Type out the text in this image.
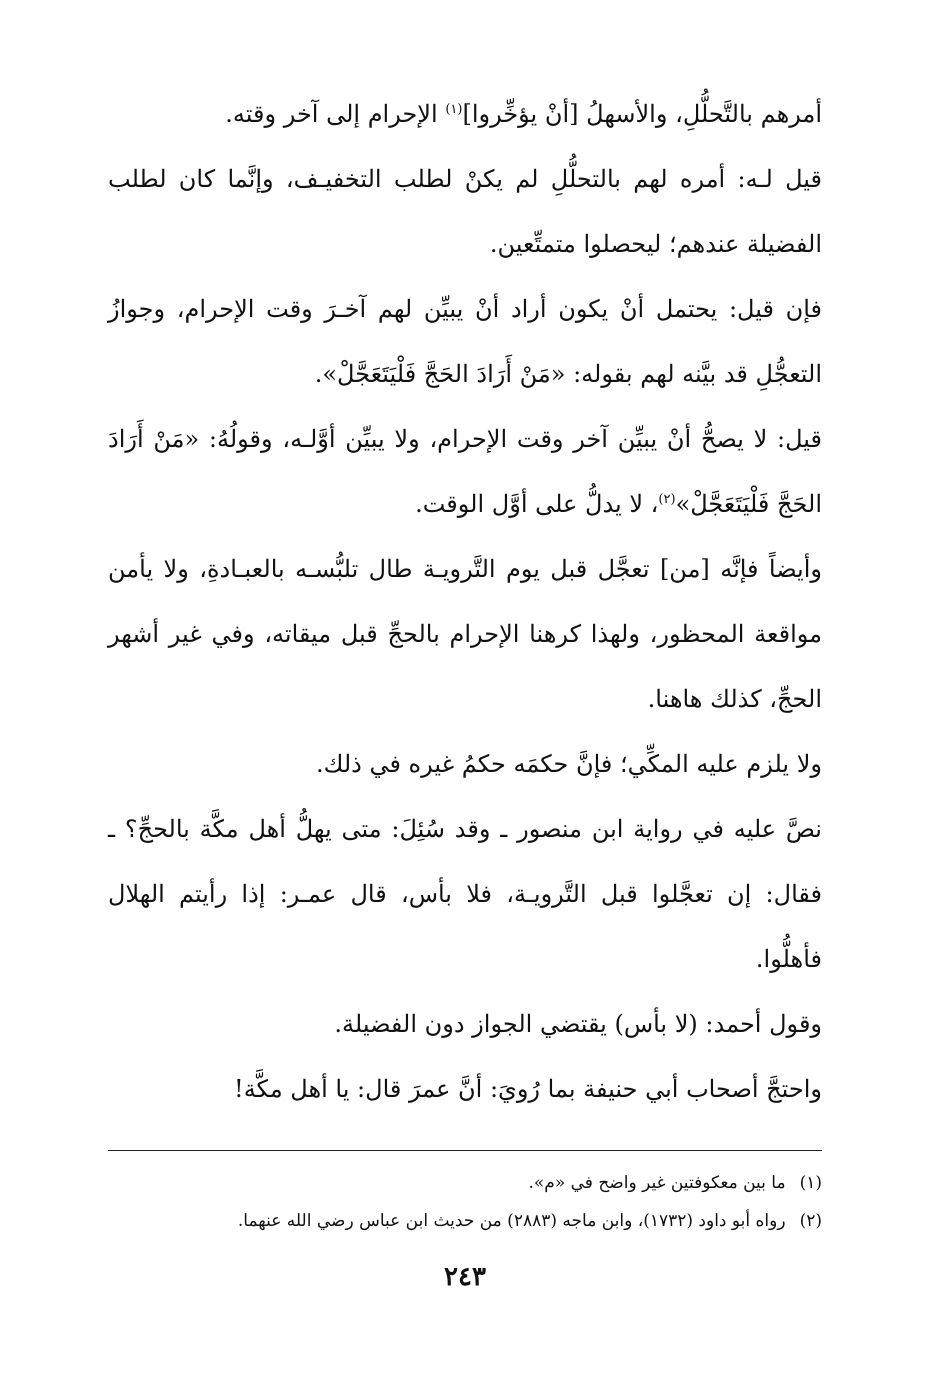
أمرهم بالتَّحلُّلِ، والأسهلُ [أنْ يؤخِّروا]$^{(١)}$ الإحرام إلى آخر وقته.

قيل لـه: أمره لهم بالتحلُّلِ لم يكنْ لطلب التخفيـف، وإنَّما كان لطلب الفضيلة عندهم؛ ليحصلوا متمتِّعين.

فإن قيل: يحتمل أنْ يكون أراد أنْ يبيِّن لهم آخـرَ وقت الإحرام، وجوازُ التعجُّلِ قد بيَّنه لهم بقوله: «مَنْ أَرَادَ الحَجَّ فَلْيَتَعَجَّلْ».

قيل: لا يصحُّ أنْ يبيِّن آخر وقت الإحرام، ولا يبيِّن أوَّلـه، وقولُهُ: «مَنْ أَرَادَ الحَجَّ فَلْيَتَعَجَّلْ»$^{(٢)}$، لا يدلُّ على أوَّل الوقت.

وأيضاً فإنَّه [من] تعجَّل قبل يوم التَّرويـة طال تلبُّسـه بالعبـادةِ، ولا يأمن مواقعة المحظور، ولهذا كرهنا الإحرام بالحجِّ قبل ميقاته، وفي غير أشهر الحجِّ، كذلك هاهنا.

ولا يلزم عليه المكِّي؛ فإنَّ حكمَه حكمُ غيره في ذلك.

نصَّ عليه في رواية ابن منصور ـ وقد سُئِلَ: متى يهلُّ أهل مكَّة بالحجِّ؟ ـ فقال: إن تعجَّلوا قبل التَّرويـة، فلا بأس، قال عمـر: إذا رأيتم الهلال فأهلُّوا.

وقول أحمد: (لا بأس) يقتضي الجواز دون الفضيلة.

واحتجَّ أصحاب أبي حنيفة بما رُويَ: أنَّ عمرَ قال: يا أهل مكَّة!

(١)
ما بين معكوفتين غير واضح في «م».
(٢)
رواه أبو داود (١٧٣٢)، وابن ماجه (٢٨٨٣) من حديث ابن عباس رضي الله عنهما.
٢٤٣
